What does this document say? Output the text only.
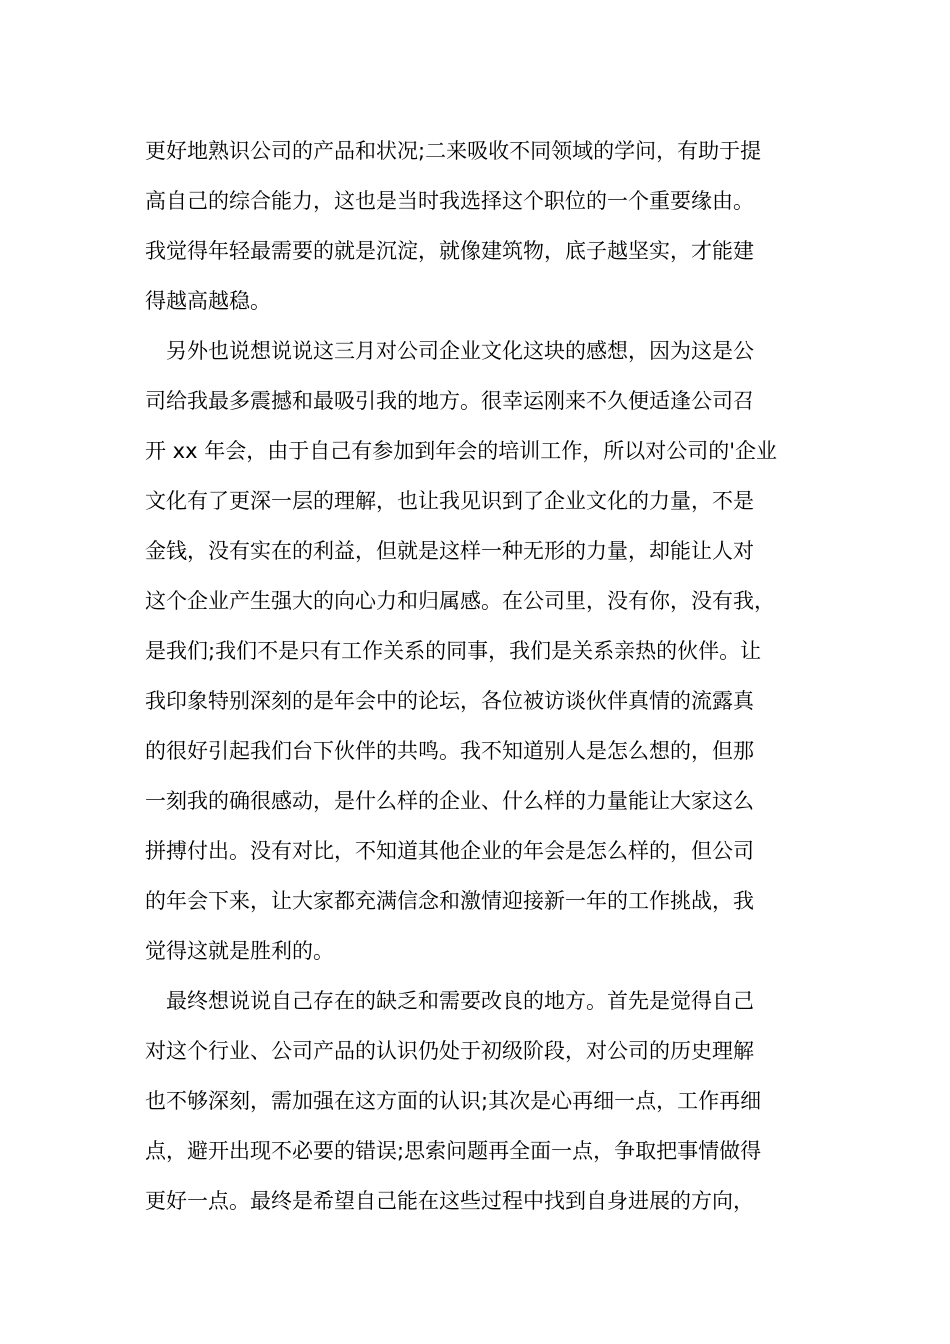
更好地熟识公司的产品和状况;二来吸收不同领域的学问，有助于提
高自己的综合能力，这也是当时我选择这个职位的一个重要缘由。
我觉得年轻最需要的就是沉淀，就像建筑物，底子越坚实，才能建
得越高越稳。
另外也说想说说这三月对公司企业文化这块的感想，因为这是公
司给我最多震撼和最吸引我的地方。很幸运刚来不久便适逢公司召
开 xx 年会，由于自己有参加到年会的培训工作，所以对公司的'企业
文化有了更深一层的理解，也让我见识到了企业文化的力量，不是
金钱，没有实在的利益，但就是这样一种无形的力量，却能让人对
这个企业产生强大的向心力和归属感。在公司里，没有你，没有我，
是我们;我们不是只有工作关系的同事，我们是关系亲热的伙伴。让
我印象特别深刻的是年会中的论坛，各位被访谈伙伴真情的流露真
的很好引起我们台下伙伴的共鸣。我不知道别人是怎么想的，但那
一刻我的确很感动，是什么样的企业、什么样的力量能让大家这么
拼搏付出。没有对比，不知道其他企业的年会是怎么样的，但公司
的年会下来，让大家都充满信念和激情迎接新一年的工作挑战，我
觉得这就是胜利的。
最终想说说自己存在的缺乏和需要改良的地方。首先是觉得自己
对这个行业、公司产品的认识仍处于初级阶段，对公司的历史理解
也不够深刻，需加强在这方面的认识;其次是心再细一点，工作再细
点，避开出现不必要的错误;思索问题再全面一点，争取把事情做得
更好一点。最终是希望自己能在这些过程中找到自身进展的方向，
